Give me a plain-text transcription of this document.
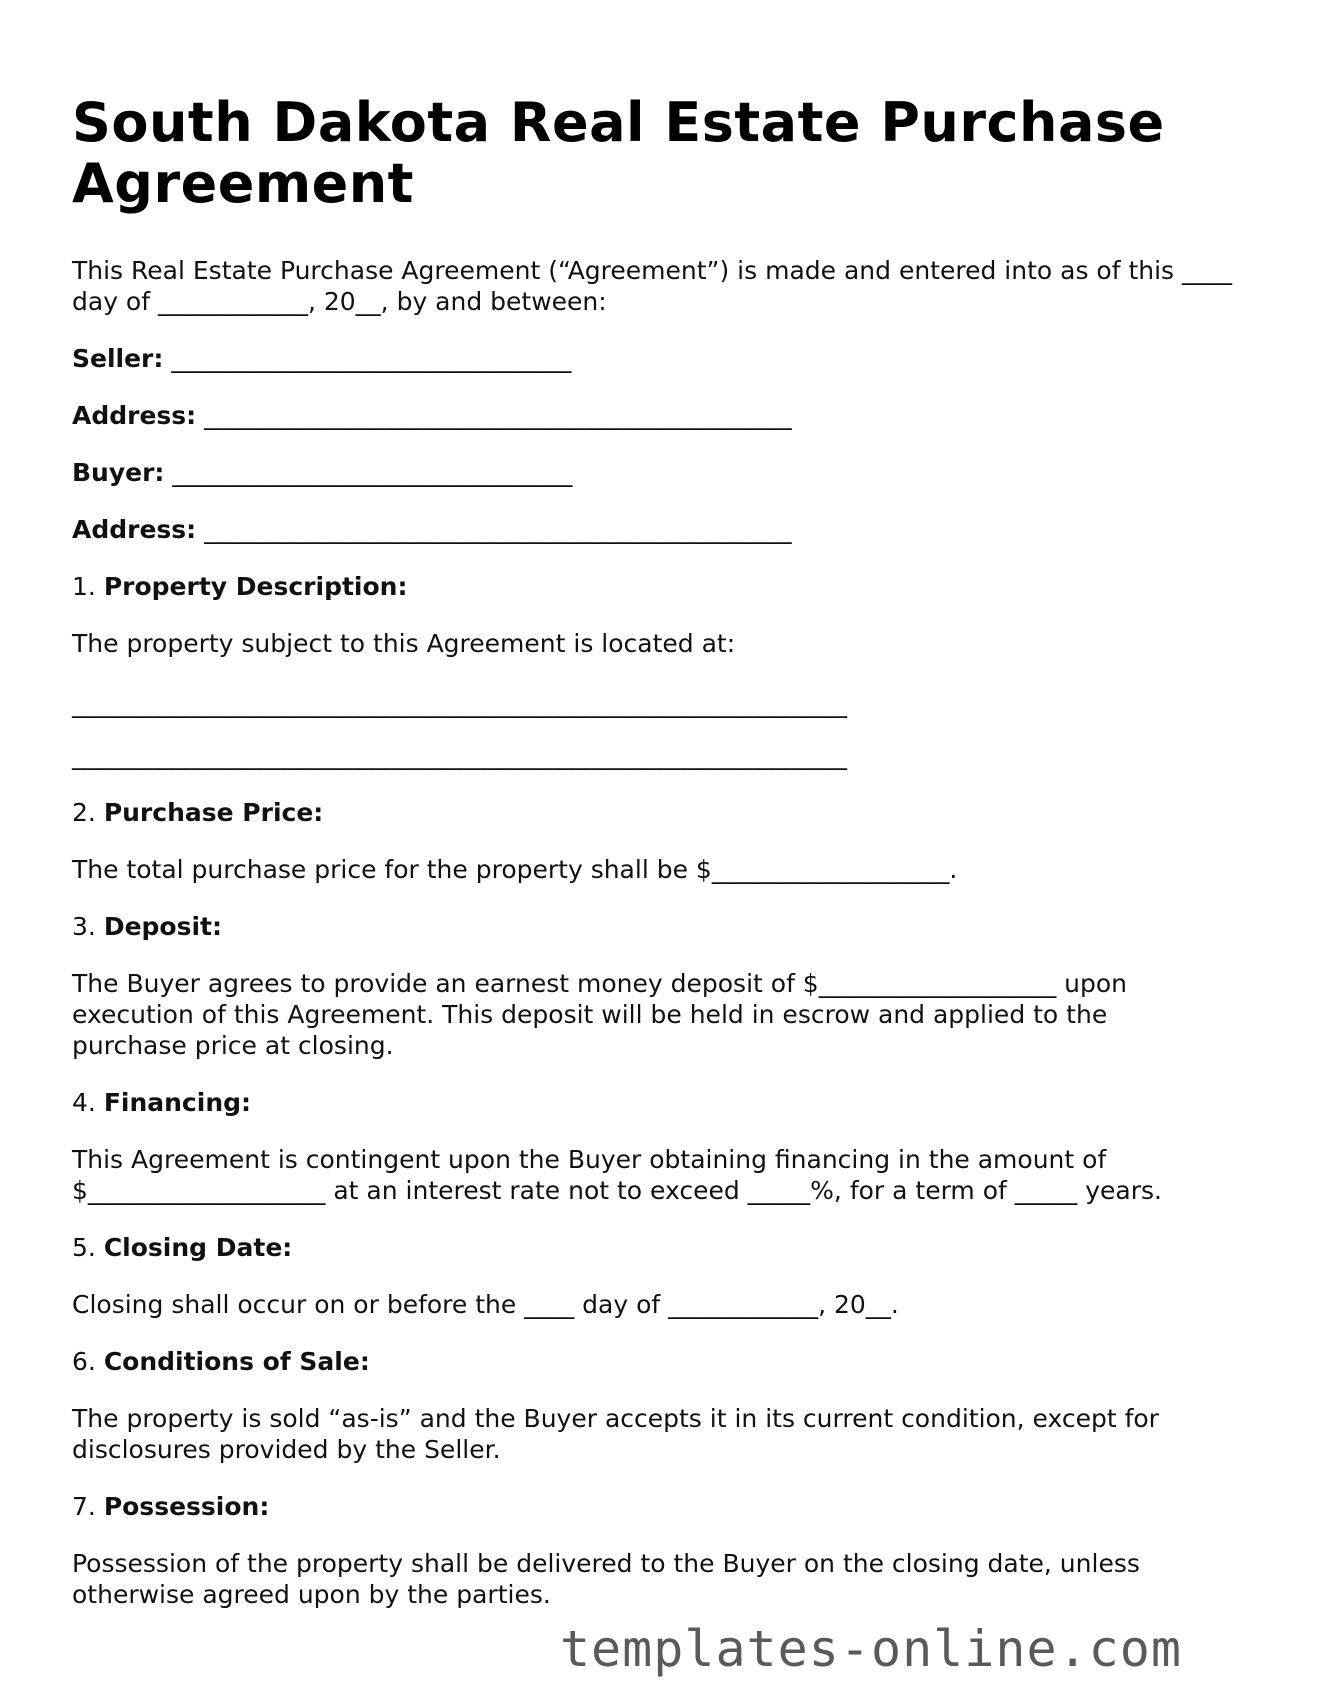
South Dakota Real Estate Purchase Agreement

This Real Estate Purchase Agreement (“Agreement”) is made and entered into as of this ____ day of ____________, 20__, by and between:

Seller: ________________________________

Address: _______________________________________________

Buyer: ________________________________

Address: _______________________________________________

1. Property Description:

The property subject to this Agreement is located at:

______________________________________________________________

______________________________________________________________

2. Purchase Price:

The total purchase price for the property shall be $___________________.

3. Deposit:

The Buyer agrees to provide an earnest money deposit of $___________________ upon execution of this Agreement. This deposit will be held in escrow and applied to the purchase price at closing.

4. Financing:

This Agreement is contingent upon the Buyer obtaining financing in the amount of $___________________ at an interest rate not to exceed _____%, for a term of _____ years.

5. Closing Date:

Closing shall occur on or before the ____ day of ____________, 20__.

6. Conditions of Sale:

The property is sold “as-is” and the Buyer accepts it in its current condition, except for disclosures provided by the Seller.

7. Possession:

Possession of the property shall be delivered to the Buyer on the closing date, unless otherwise agreed upon by the parties.

templates-online.com
